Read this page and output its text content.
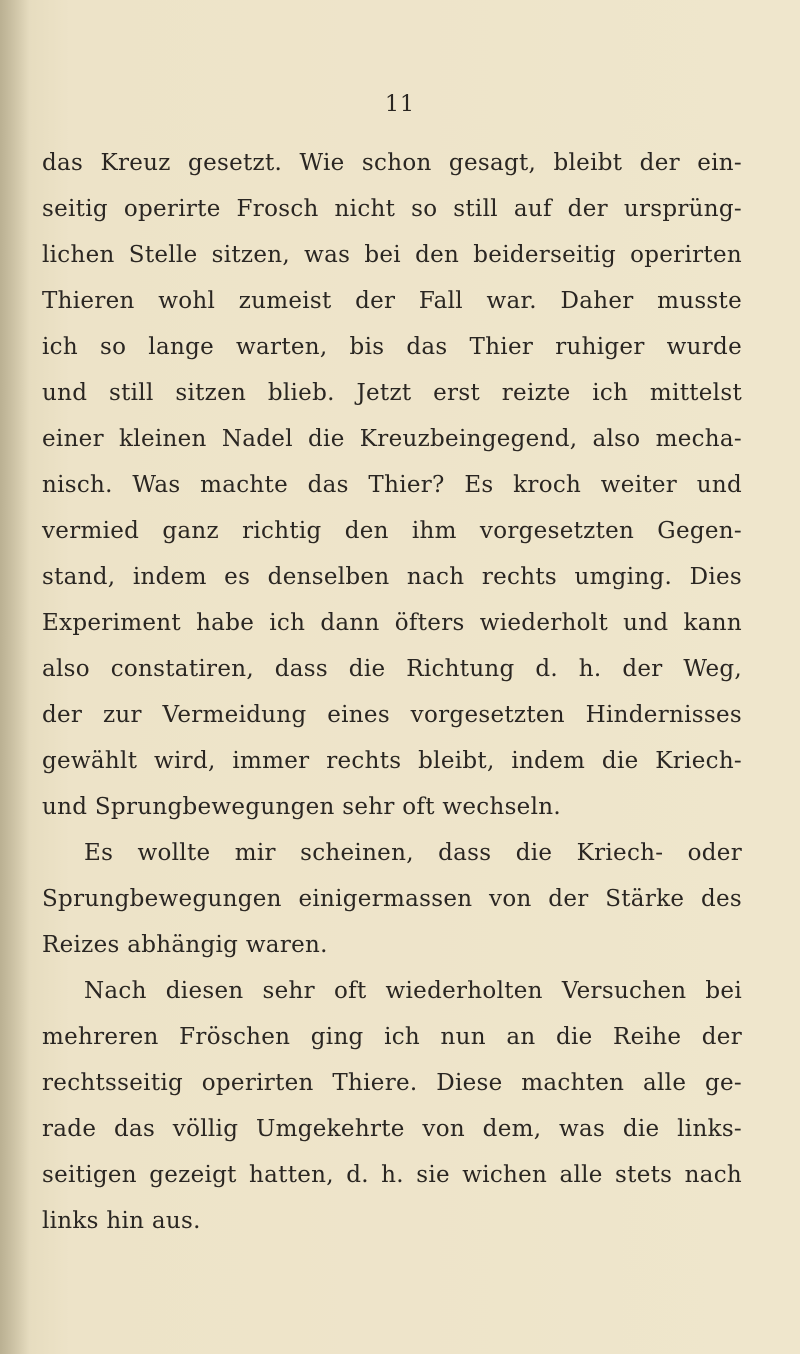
11
das Kreuz gesetzt. Wie schon gesagt, bleibt der ein-
seitig operirte Frosch nicht so still auf der ursprüng-
lichen Stelle sitzen, was bei den beiderseitig operirten
Thieren wohl zumeist der Fall war. Daher musste
ich so lange warten, bis das Thier ruhiger wurde
und still sitzen blieb. Jetzt erst reizte ich mittelst
einer kleinen Nadel die Kreuzbeingegend, also mecha-
nisch. Was machte das Thier? Es kroch weiter und
vermied ganz richtig den ihm vorgesetzten Gegen-
stand, indem es denselben nach rechts umging. Dies
Experiment habe ich dann öfters wiederholt und kann
also constatiren, dass die Richtung d. h. der Weg,
der zur Vermeidung eines vorgesetzten Hindernisses
gewählt wird, immer rechts bleibt, indem die Kriech-
und Sprungbewegungen sehr oft wechseln.
Es wollte mir scheinen, dass die Kriech- oder
Sprungbewegungen einigermassen von der Stärke des
Reizes abhängig waren.
Nach diesen sehr oft wiederholten Versuchen bei
mehreren Fröschen ging ich nun an die Reihe der
rechtsseitig operirten Thiere. Diese machten alle ge-
rade das völlig Umgekehrte von dem, was die links-
seitigen gezeigt hatten, d. h. sie wichen alle stets nach
links hin aus.
